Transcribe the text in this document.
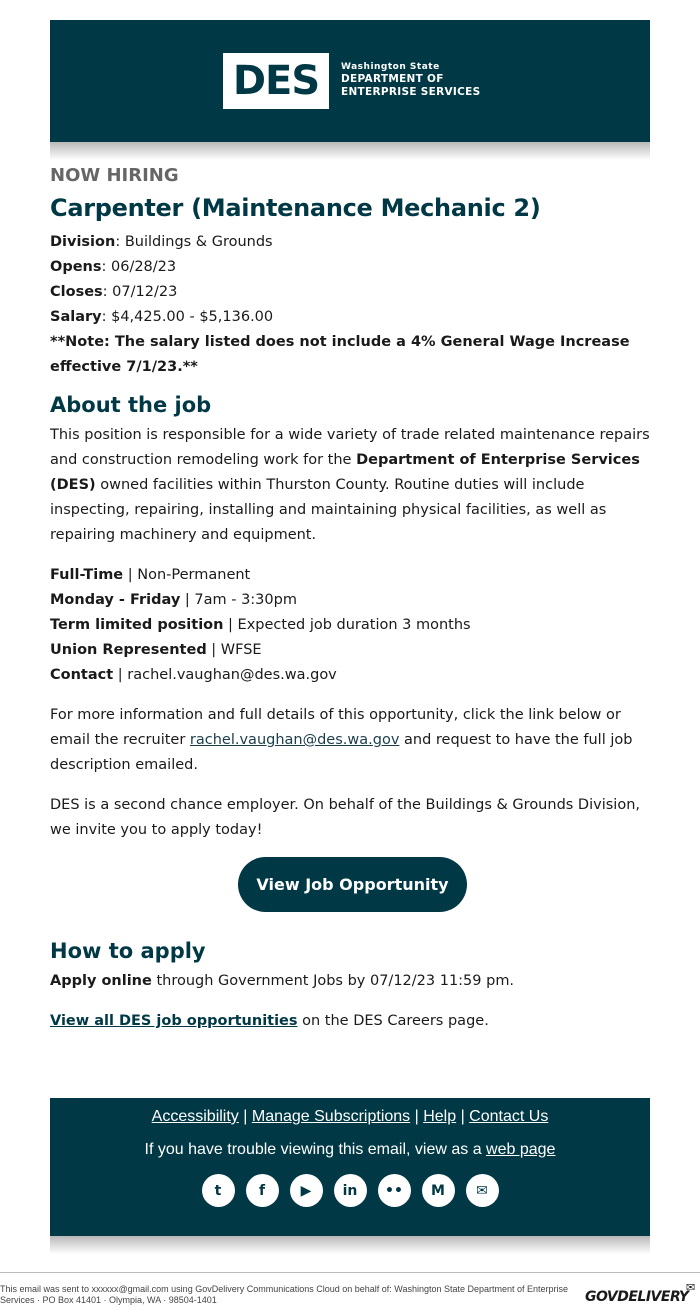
DES	Washington State
DEPARTMENT OF
ENTERPRISE SERVICES
NOW HIRING
Carpenter (Maintenance Mechanic 2)
Division: Buildings & Grounds
Opens: 06/28/23
Closes: 07/12/23
Salary: $4,425.00 - $5,136.00
**Note: The salary listed does not include a 4% General Wage Increase effective 7/1/23.**
About the job
This position is responsible for a wide variety of trade related maintenance repairs and construction remodeling work for the Department of Enterprise Services (DES) owned facilities within Thurston County. Routine duties will include inspecting, repairing, installing and maintaining physical facilities, as well as repairing machinery and equipment.
Full-Time | Non-Permanent
Monday - Friday | 7am - 3:30pm
Term limited position | Expected job duration 3 months
Union Represented | WFSE
Contact | rachel.vaughan@des.wa.gov
For more information and full details of this opportunity, click the link below or email the recruiter rachel.vaughan@des.wa.gov and request to have the full job description emailed.
DES is a second chance employer. On behalf of the Buildings & Grounds Division, we invite you to apply today!
View Job Opportunity
How to apply
Apply online through Government Jobs by 07/12/23 11:59 pm.
View all DES job opportunities on the DES Careers page.
Accessibility | Manage Subscriptions | Help | Contact Us
If you have trouble viewing this email, view as a web page
t	f	▶	in	••	M	✉
This email was sent to xxxxxx@gmail.com using GovDelivery Communications Cloud on behalf of: Washington State Department of Enterprise Services · PO Box 41401 · Olympia, WA · 98504-1401	GOVDELIVERY
✉
